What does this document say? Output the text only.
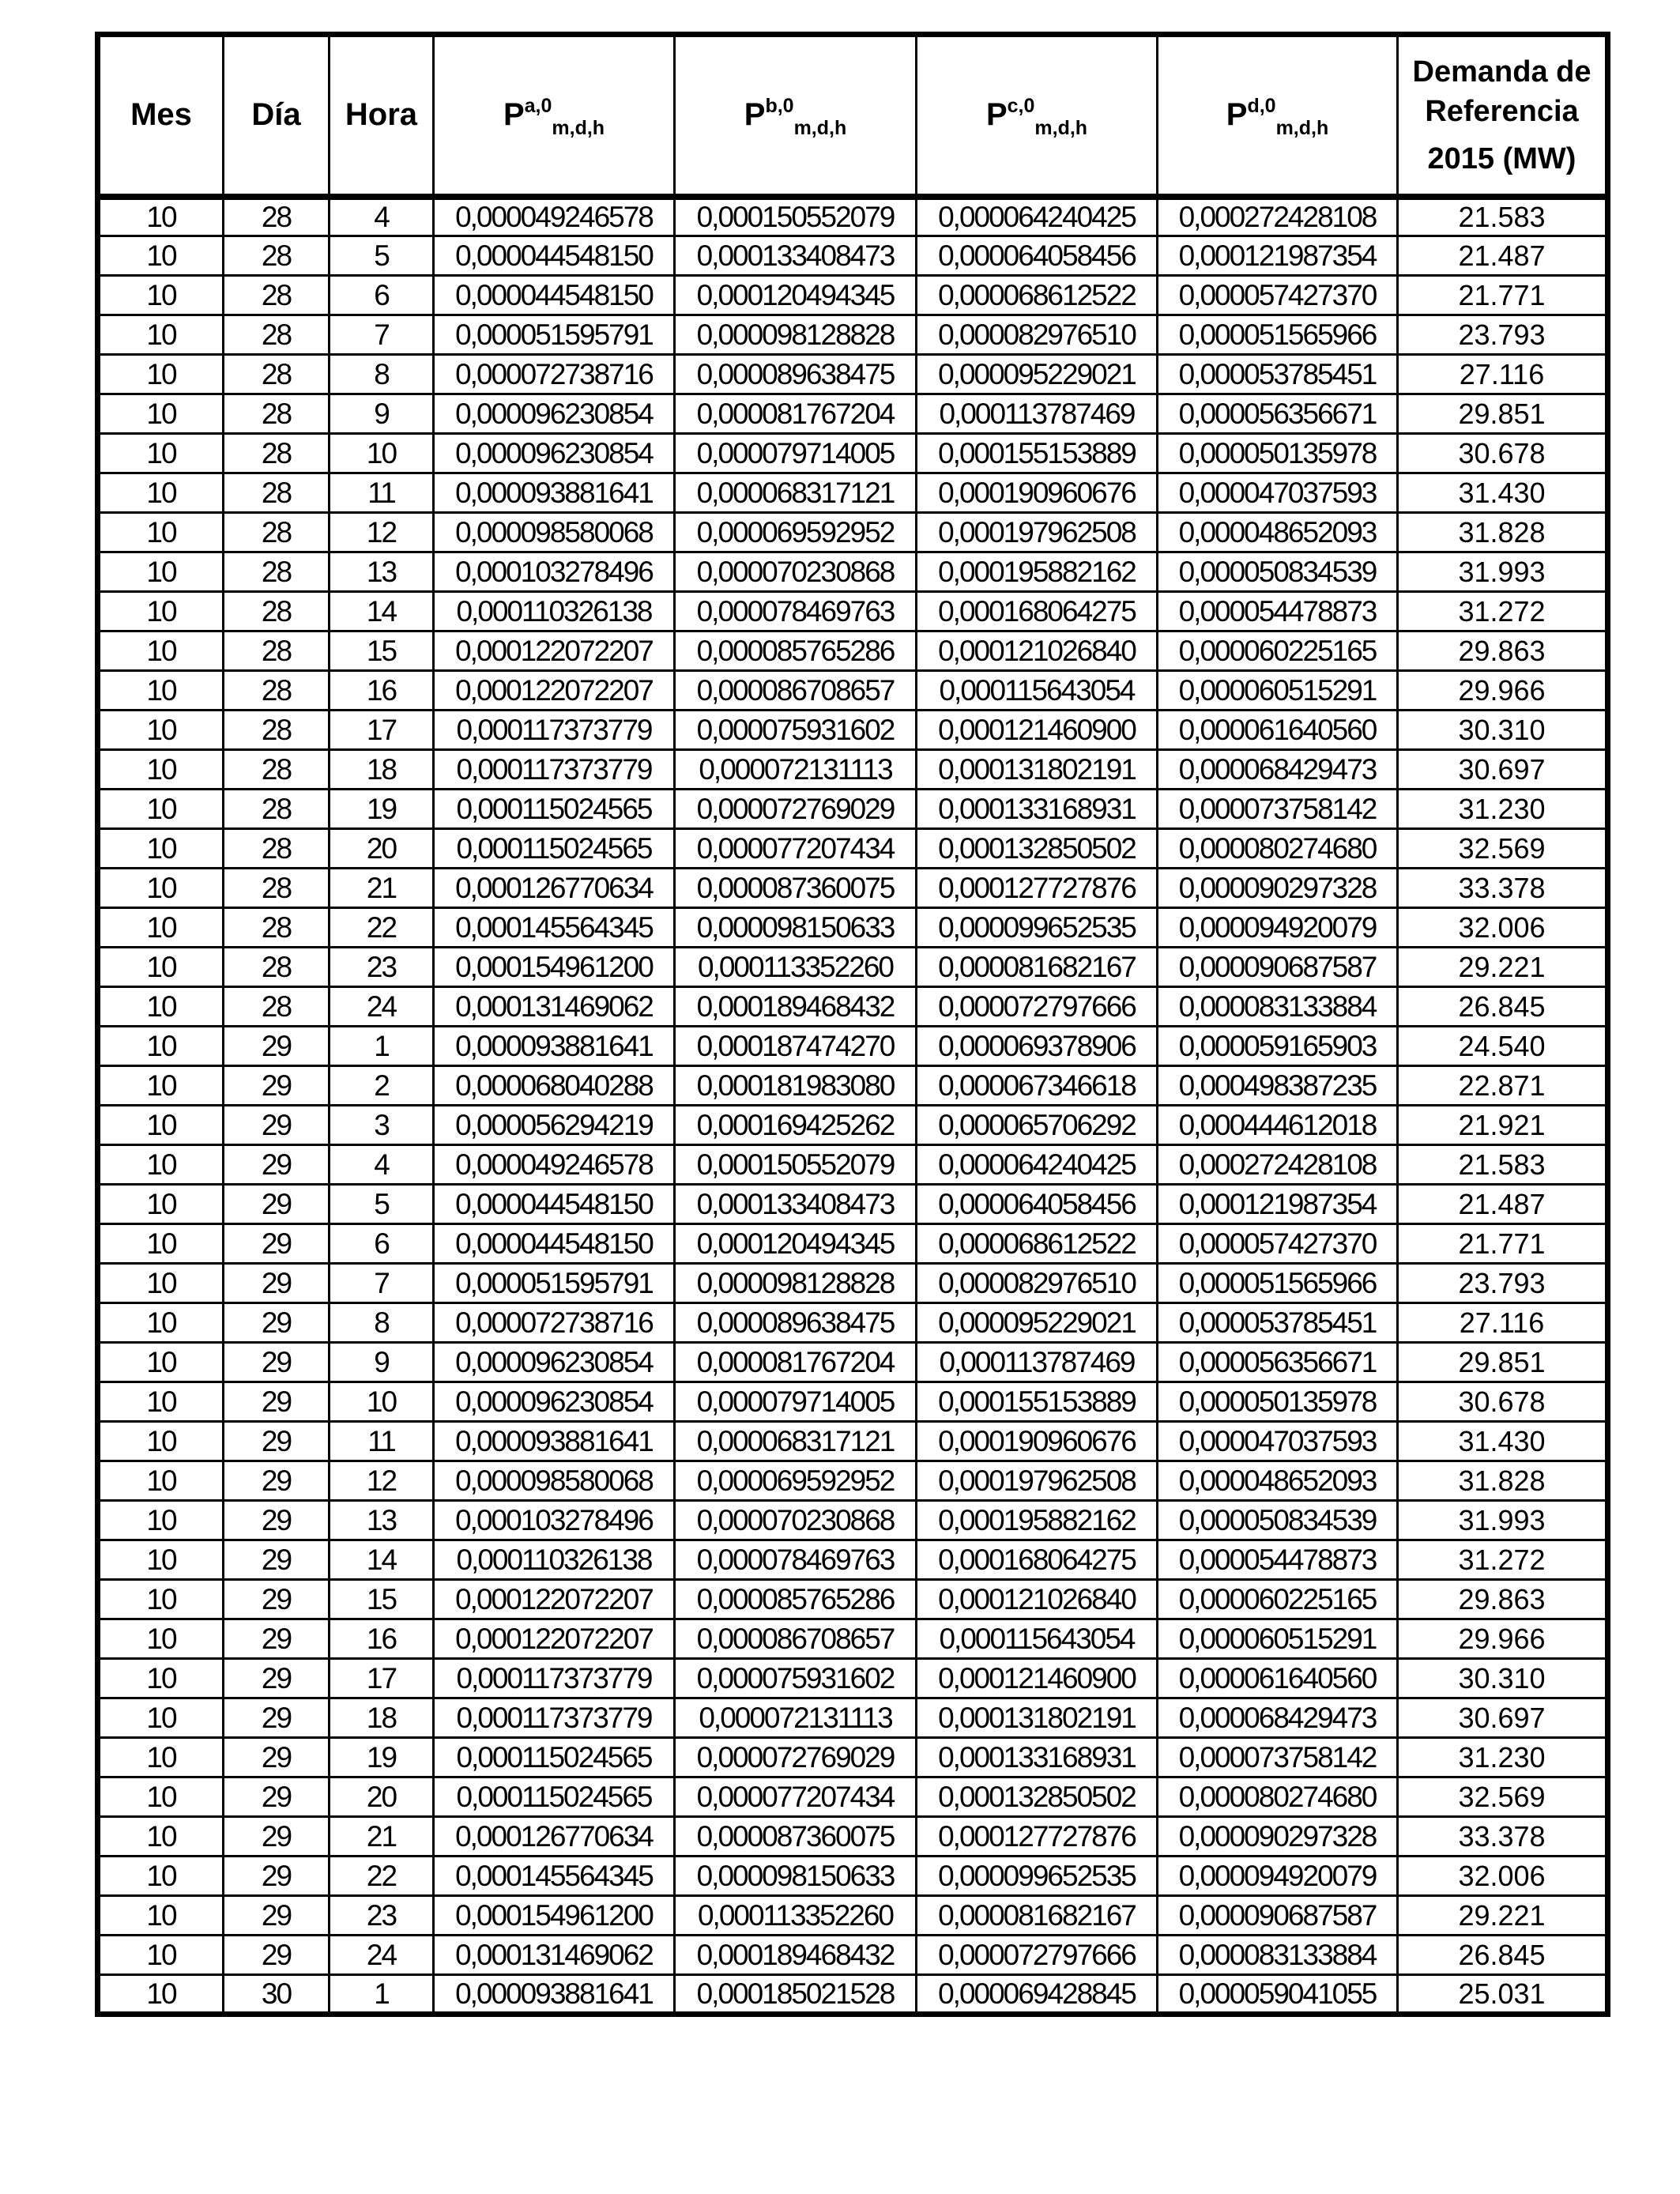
Mes	Día	Hora	P$^{a,0}_{m,d,h}$	P$^{b,0}_{m,d,h}$	P$^{c,0}_{m,d,h}$	P$^{d,0}_{m,d,h}$	Demanda de
Referencia
2015 (MW)

10	28	4	0,000049246578	0,000150552079	0,000064240425	0,000272428108	21.583
10	28	5	0,000044548150	0,000133408473	0,000064058456	0,000121987354	21.487
10	28	6	0,000044548150	0,000120494345	0,000068612522	0,000057427370	21.771
10	28	7	0,000051595791	0,000098128828	0,000082976510	0,000051565966	23.793
10	28	8	0,000072738716	0,000089638475	0,000095229021	0,000053785451	27.116
10	28	9	0,000096230854	0,000081767204	0,000113787469	0,000056356671	29.851
10	28	10	0,000096230854	0,000079714005	0,000155153889	0,000050135978	30.678
10	28	11	0,000093881641	0,000068317121	0,000190960676	0,000047037593	31.430
10	28	12	0,000098580068	0,000069592952	0,000197962508	0,000048652093	31.828
10	28	13	0,000103278496	0,000070230868	0,000195882162	0,000050834539	31.993
10	28	14	0,000110326138	0,000078469763	0,000168064275	0,000054478873	31.272
10	28	15	0,000122072207	0,000085765286	0,000121026840	0,000060225165	29.863
10	28	16	0,000122072207	0,000086708657	0,000115643054	0,000060515291	29.966
10	28	17	0,000117373779	0,000075931602	0,000121460900	0,000061640560	30.310
10	28	18	0,000117373779	0,000072131113	0,000131802191	0,000068429473	30.697
10	28	19	0,000115024565	0,000072769029	0,000133168931	0,000073758142	31.230
10	28	20	0,000115024565	0,000077207434	0,000132850502	0,000080274680	32.569
10	28	21	0,000126770634	0,000087360075	0,000127727876	0,000090297328	33.378
10	28	22	0,000145564345	0,000098150633	0,000099652535	0,000094920079	32.006
10	28	23	0,000154961200	0,000113352260	0,000081682167	0,000090687587	29.221
10	28	24	0,000131469062	0,000189468432	0,000072797666	0,000083133884	26.845
10	29	1	0,000093881641	0,000187474270	0,000069378906	0,000059165903	24.540
10	29	2	0,000068040288	0,000181983080	0,000067346618	0,000498387235	22.871
10	29	3	0,000056294219	0,000169425262	0,000065706292	0,000444612018	21.921
10	29	4	0,000049246578	0,000150552079	0,000064240425	0,000272428108	21.583
10	29	5	0,000044548150	0,000133408473	0,000064058456	0,000121987354	21.487
10	29	6	0,000044548150	0,000120494345	0,000068612522	0,000057427370	21.771
10	29	7	0,000051595791	0,000098128828	0,000082976510	0,000051565966	23.793
10	29	8	0,000072738716	0,000089638475	0,000095229021	0,000053785451	27.116
10	29	9	0,000096230854	0,000081767204	0,000113787469	0,000056356671	29.851
10	29	10	0,000096230854	0,000079714005	0,000155153889	0,000050135978	30.678
10	29	11	0,000093881641	0,000068317121	0,000190960676	0,000047037593	31.430
10	29	12	0,000098580068	0,000069592952	0,000197962508	0,000048652093	31.828
10	29	13	0,000103278496	0,000070230868	0,000195882162	0,000050834539	31.993
10	29	14	0,000110326138	0,000078469763	0,000168064275	0,000054478873	31.272
10	29	15	0,000122072207	0,000085765286	0,000121026840	0,000060225165	29.863
10	29	16	0,000122072207	0,000086708657	0,000115643054	0,000060515291	29.966
10	29	17	0,000117373779	0,000075931602	0,000121460900	0,000061640560	30.310
10	29	18	0,000117373779	0,000072131113	0,000131802191	0,000068429473	30.697
10	29	19	0,000115024565	0,000072769029	0,000133168931	0,000073758142	31.230
10	29	20	0,000115024565	0,000077207434	0,000132850502	0,000080274680	32.569
10	29	21	0,000126770634	0,000087360075	0,000127727876	0,000090297328	33.378
10	29	22	0,000145564345	0,000098150633	0,000099652535	0,000094920079	32.006
10	29	23	0,000154961200	0,000113352260	0,000081682167	0,000090687587	29.221
10	29	24	0,000131469062	0,000189468432	0,000072797666	0,000083133884	26.845
10	30	1	0,000093881641	0,000185021528	0,000069428845	0,000059041055	25.031
